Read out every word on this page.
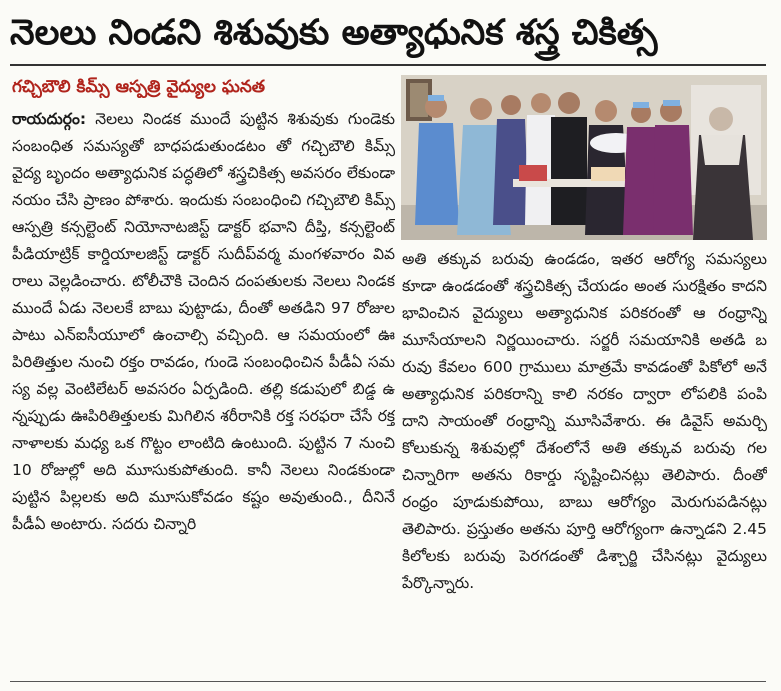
నెలలు నిండని శిశువుకు అత్యాధునిక శస్త్ర చికిత్స
గచ్చిబౌలి కిమ్స్ ఆస్పత్రి వైద్యుల ఘనత
రాయదుర్గం: నెలలు నిండక ముందే పుట్టిన శిశువుకు గుండెకు సంబంధిత సమస్యతో బాధపడుతుండటం తో గచ్చిబౌలి కిమ్స్ వైద్య బృందం అత్యాధునిక పద్ధతిలో శస్త్రచికిత్స అవసరం లేకుండా నయం చేసి ప్రాణం పోశారు. ఇందుకు సంబంధించి గచ్చిబౌలి కిమ్స్ ఆస్పత్రి కన్సల్టెంట్ నియోనాటజిస్ట్ డాక్టర్ భవాని దీప్తి, కన్సల్టెంట్ పీడియాట్రిక్ కార్డియాలజిస్ట్ డాక్టర్ సుదీప్‌వర్మ మంగళవారం వివరాలు వెల్లడించారు. టోలీచౌకి చెందిన దంపతులకు నెలలు నిండకముందే ఏడు నెలలకే బాబు పుట్టాడు, దీంతో అతడిని 97 రోజుల పాటు ఎన్ఐసీయూలో ఉంచాల్సి వచ్చింది. ఆ సమయంలో ఊపిరితిత్తుల నుంచి రక్తం రావడం, గుండె సంబంధించిన పీడీఏ సమస్య వల్ల వెంటిలేటర్ అవసరం ఏర్పడింది. తల్లి కడుపులో బిడ్డ ఉన్నప్పుడు ఊపిరితిత్తులకు మిగిలిన శరీరానికి రక్త సరఫరా చేసే రక్తనాళాలకు మధ్య ఒక గొట్టం లాంటిది ఉంటుంది. పుట్టిన 7 నుంచి 10 రోజుల్లో అది మూసుకుపోతుంది. కానీ నెలలు నిండకుండా పుట్టిన పిల్లలకు అది మూసుకోవడం కష్టం అవుతుంది., దీనినే పీడీఏ అంటారు. సదరు చిన్నారి
అతి తక్కువ బరువు ఉండడం, ఇతర ఆరోగ్య సమస్యలు కూడా ఉండడంతో శస్త్రచికిత్స చేయడం అంత సురక్షితం కాదని భావించిన వైద్యులు అత్యాధునిక పరికరంతో ఆ రంధ్రాన్ని మూసేయాలని నిర్ణయించారు. సర్జరీ సమయానికి అతడి బరువు కేవలం 600 గ్రాములు మాత్రమే కావడంతో పికోలో అనే అత్యాధునిక పరికరాన్ని కాలి నరకం ద్వారా లోపలికి పంపి దాని సాయంతో రంధ్రాన్ని మూసివేశారు. ఈ డివైస్ అమర్చి కోలుకున్న శిశువుల్లో దేశంలోనే అతి తక్కువ బరువు గల చిన్నారిగా అతను రికార్డు సృష్టించినట్లు తెలిపారు. దీంతో రంధ్రం పూడుకుపోయి, బాబు ఆరోగ్యం మెరుగుపడినట్లు తెలిపారు. ప్రస్తుతం అతను పూర్తి ఆరోగ్యంగా ఉన్నాడని 2.45 కిలోలకు బరువు పెరగడంతో డిశ్చార్జి చేసినట్లు వైద్యులు పేర్కొన్నారు.
